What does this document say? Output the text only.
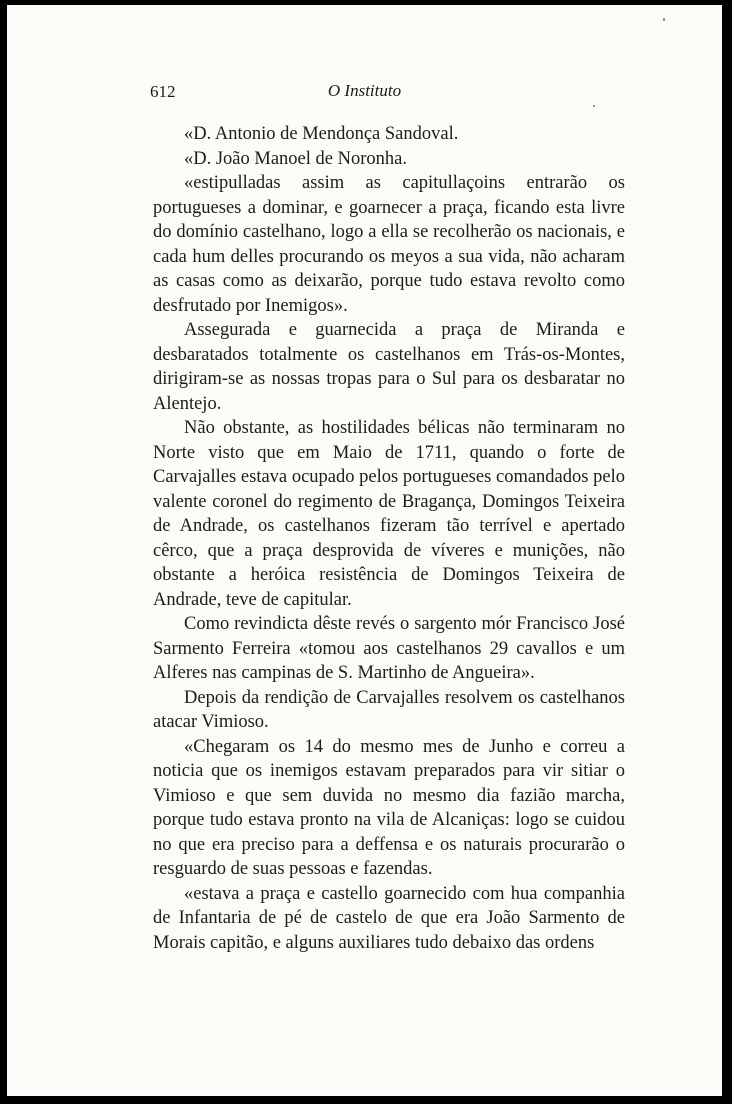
612	O Instituto

«D. Antonio de Mendonça Sandoval.

«D. João Manoel de Noronha.

«estipulladas assim as capitullaçoins entrarão os portugueses a dominar, e goarnecer a praça, ficando esta livre do domínio castelhano, logo a ella se recolherão os nacionais, e cada hum delles procurando os meyos a sua vida, não acharam as casas como as deixarão, porque tudo estava revolto como desfrutado por Inemigos».

Assegurada e guarnecida a praça de Miranda e desbaratados totalmente os castelhanos em Trás-os-Montes, dirigiram-se as nossas tropas para o Sul para os desbaratar no Alentejo.

Não obstante, as hostilidades bélicas não terminaram no Norte visto que em Maio de 1711, quando o forte de Carvajalles estava ocupado pelos portugueses comandados pelo valente coronel do regimento de Bragança, Domingos Teixeira de Andrade, os castelhanos fizeram tão terrível e apertado cêrco, que a praça desprovida de víveres e munições, não obstante a heróica resistência de Domingos Teixeira de Andrade, teve de capitular.

Como revindicta dêste revés o sargento mór Francisco José Sarmento Ferreira «tomou aos castelhanos 29 cavallos e um Alferes nas campinas de S. Martinho de Angueira».

Depois da rendição de Carvajalles resolvem os castelhanos atacar Vimioso.

«Chegaram os 14 do mesmo mes de Junho e correu a noticia que os inemigos estavam preparados para vir sitiar o Vimioso e que sem duvida no mesmo dia fazião marcha, porque tudo estava pronto na vila de Alcaniças: logo se cuidou no que era preciso para a deffensa e os naturais procurarão o resguardo de suas pessoas e fazendas.

«estava a praça e castello goarnecido com hua companhia de Infantaria de pé de castelo de que era João Sarmento de Morais capitão, e alguns auxiliares tudo debaixo das ordens
